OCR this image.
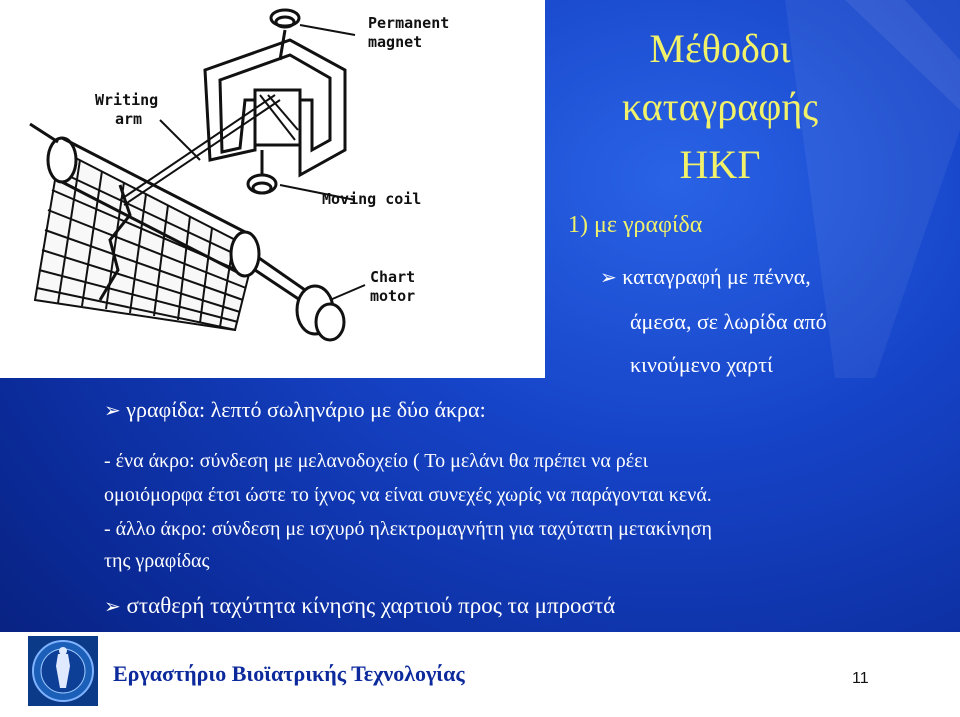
Permanent
magnet
Writing
arm
Moving coil
Chart
motor
Μέθοδοι
καταγραφής
ΗΚΓ
1) με γραφίδα
➢ καταγραφή με πέννα,
άμεσα, σε λωρίδα από
κινούμενο χαρτί
➢ γραφίδα: λεπτό σωληνάριο με δύο άκρα:
- ένα άκρο: σύνδεση με μελανοδοχείο ( Το μελάνι θα πρέπει να ρέει
ομοιόμορφα έτσι ώστε το ίχνος να είναι συνεχές χωρίς να παράγονται κενά.
- άλλο άκρο: σύνδεση με ισχυρό ηλεκτρομαγνήτη για ταχύτατη μετακίνηση
της γραφίδας
➢ σταθερή ταχύτητα κίνησης χαρτιού προς τα μπροστά
Εργαστήριο Βιοϊατρικής Τεχνολογίας	11
